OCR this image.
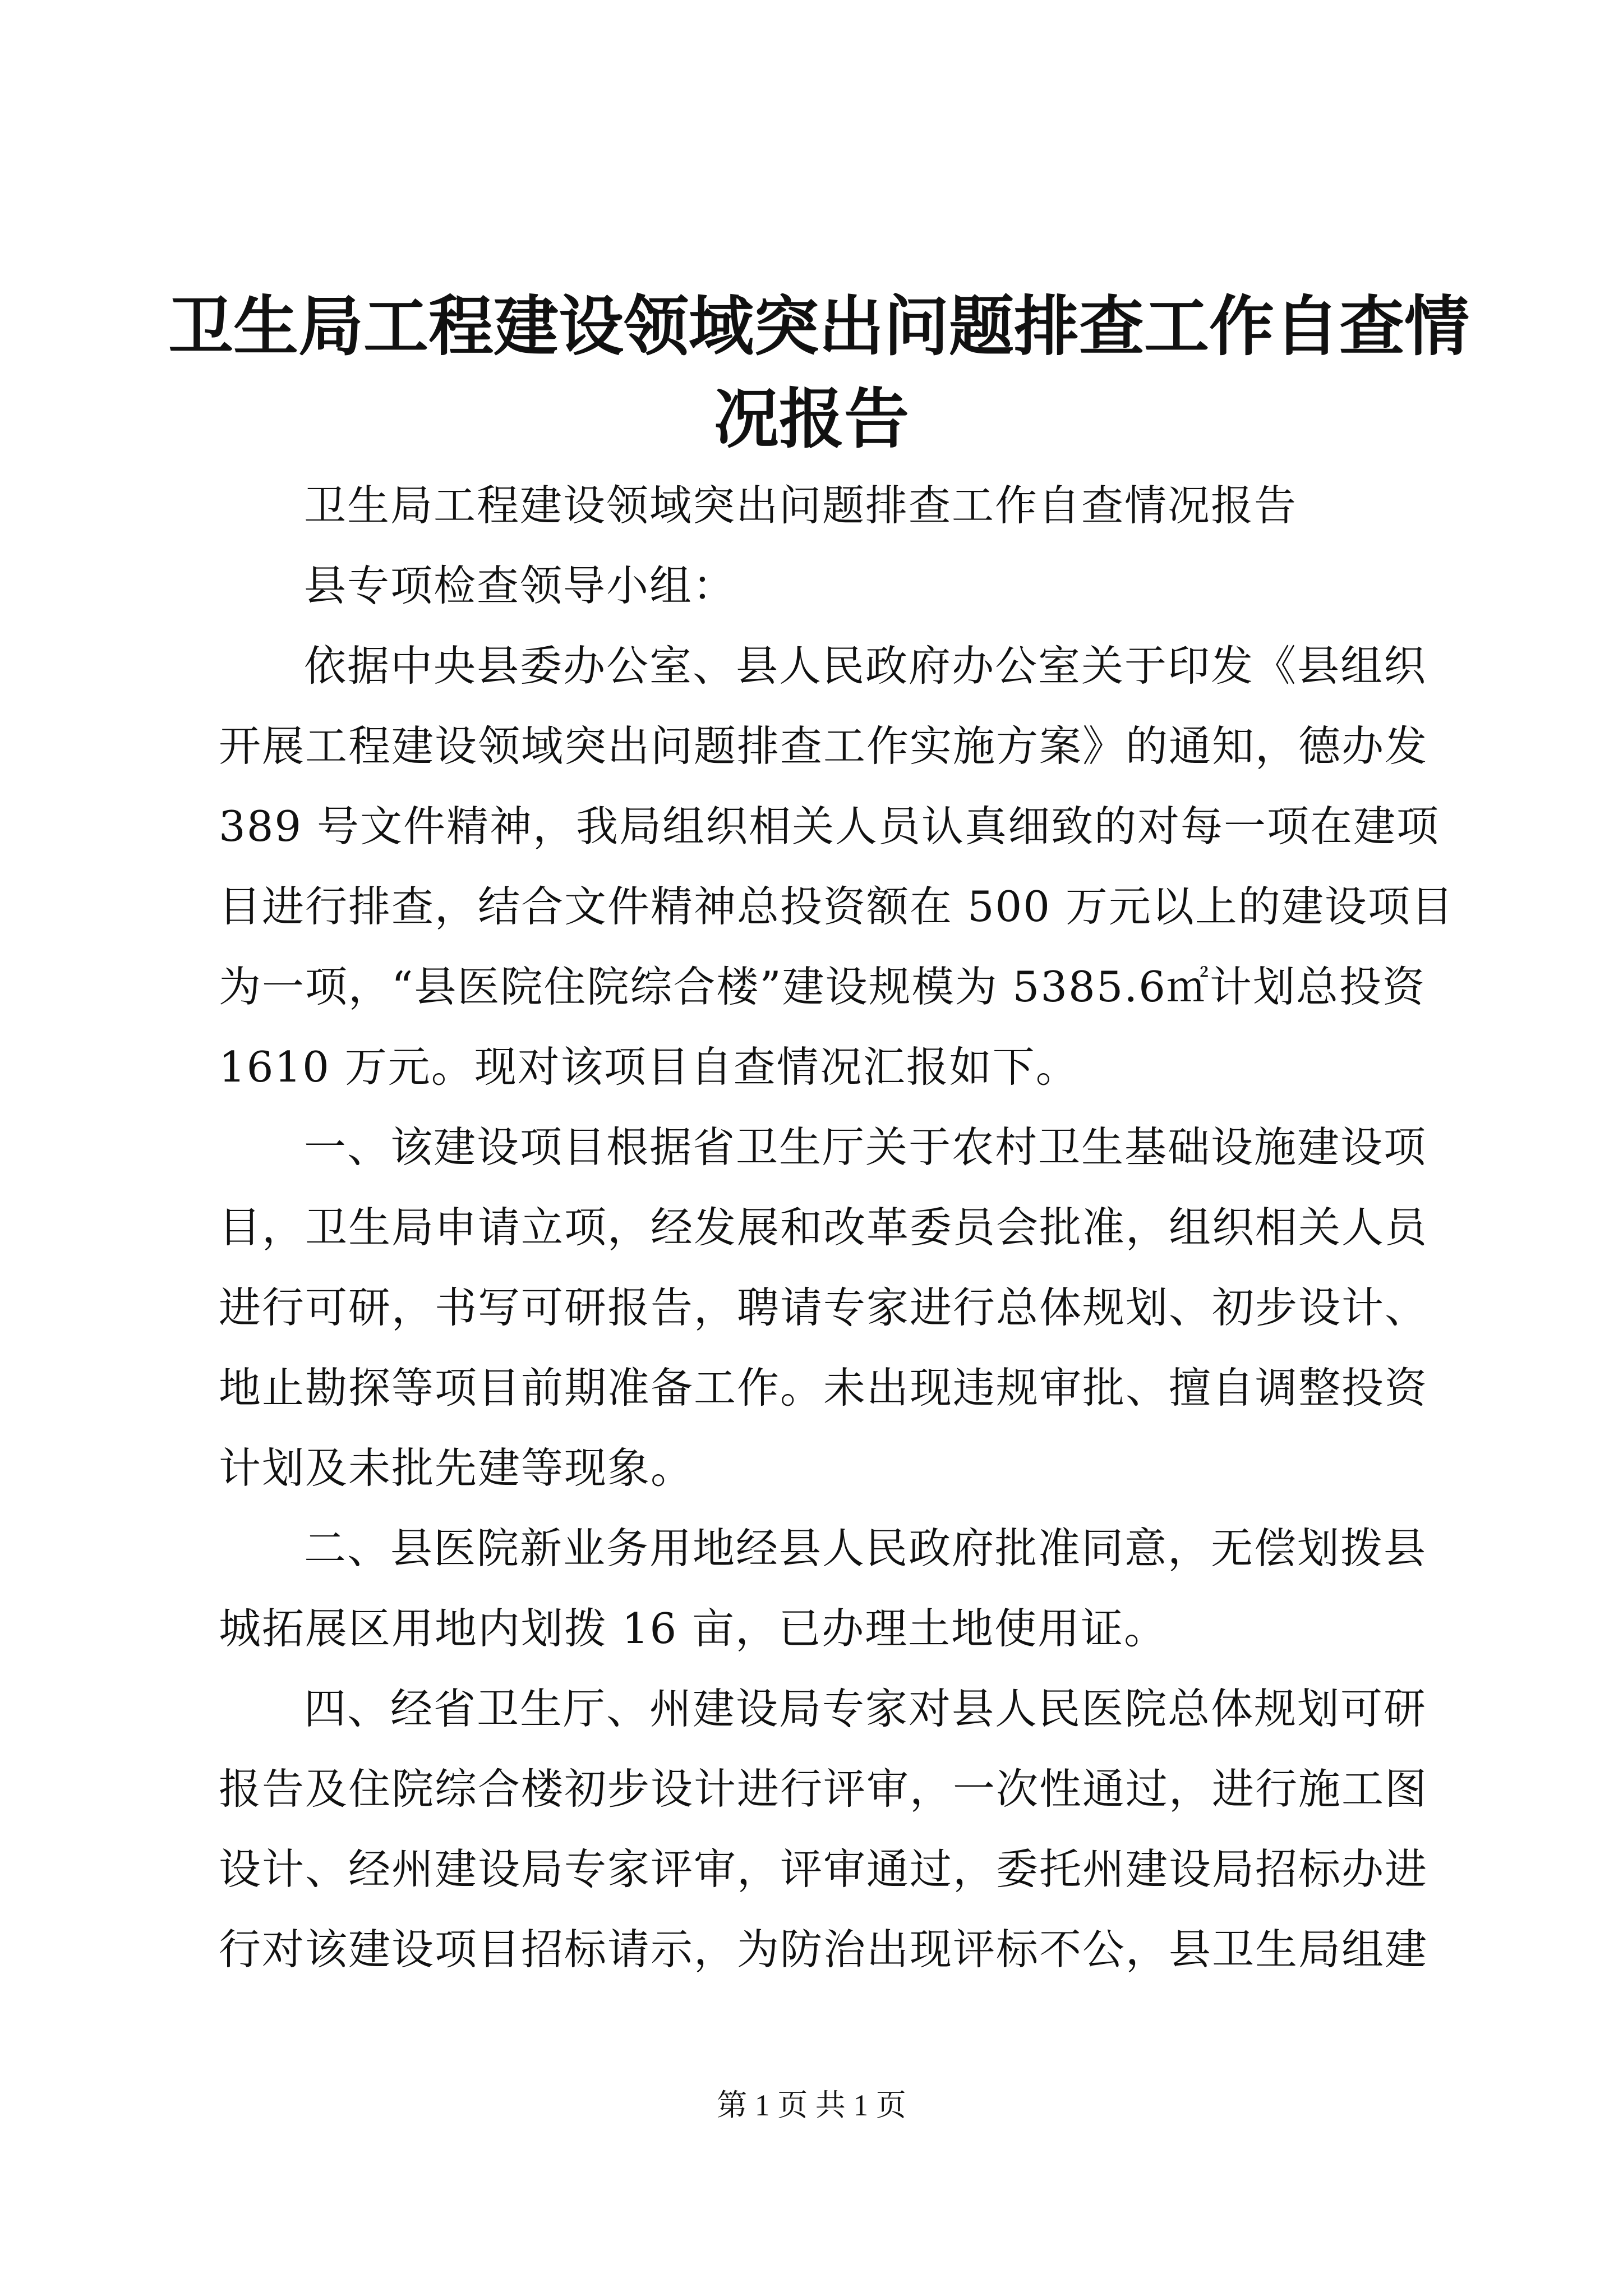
卫生局工程建设领域突出问题排查工作自查情
况报告

卫生局工程建设领域突出问题排查工作自查情况报告

县专项检查领导小组：

依据中央县委办公室、县人民政府办公室关于印发《县组织
开展工程建设领域突出问题排查工作实施方案》的通知，德办发
389 号文件精神，我局组织相关人员认真细致的对每一项在建项
目进行排查，结合文件精神总投资额在 500 万元以上的建设项目
为一项，“县医院住院综合楼”建设规模为 5385.6㎡计划总投资
1610 万元。现对该项目自查情况汇报如下。

一、该建设项目根据省卫生厅关于农村卫生基础设施建设项
目，卫生局申请立项，经发展和改革委员会批准，组织相关人员
进行可研，书写可研报告，聘请专家进行总体规划、初步设计、
地止勘探等项目前期准备工作。未出现违规审批、擅自调整投资
计划及未批先建等现象。

二、县医院新业务用地经县人民政府批准同意，无偿划拨县
城拓展区用地内划拨 16 亩，已办理土地使用证。

四、经省卫生厅、州建设局专家对县人民医院总体规划可研
报告及住院综合楼初步设计进行评审，一次性通过，进行施工图
设计、经州建设局专家评审，评审通过，委托州建设局招标办进
行对该建设项目招标请示，为防治出现评标不公，县卫生局组建

第 1 页 共 1 页
